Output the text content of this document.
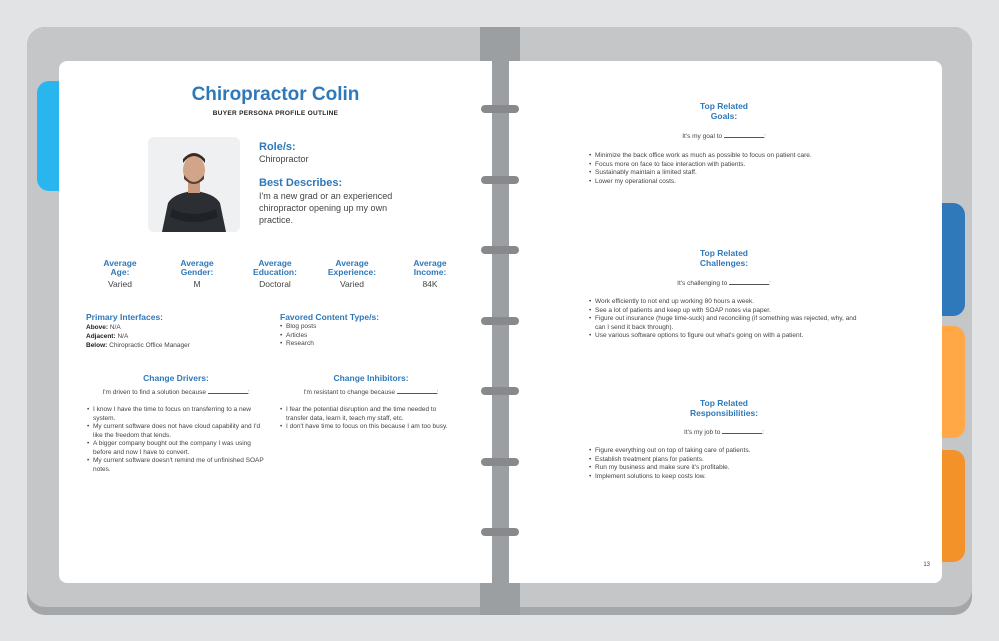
Chiropractor Colin
BUYER PERSONA PROFILE OUTLINE
Role/s:
Chiropractor
Best Describes:
I'm a new grad or an experienced chiropractor opening up my own practice.
Average
Age:
Varied
Average
Gender:
M
Average
Education:
Doctoral
Average
Experience:
Varied
Average
Income:
84K
Primary Interfaces:
Above: N/A
Adjacent: N/A
Below: Chiropractic Office Manager
Favored Content Type/s:
• Blog posts
• Articles
• Research
Change Drivers:
I'm driven to find a solution because	:
• I know I have the time to focus on transferring to a new system.
• My current software does not have cloud capability and I'd like the freedom that lends.
• A bigger company bought out the company I was using before and now I have to convert.
• My current software doesn't remind me of unfinished SOAP notes.
Change Inhibitors:
I'm resistant to change because	:
• I fear the potential disruption and the time needed to transfer data, learn it, teach my staff, etc.
• I don't have time to focus on this because I am too busy.
Top Related
Goals:
It's my goal to	:
• Minimize the back office work as much as possible to focus on patient care.
• Focus more on face to face interaction with patients.
• Sustainably maintain a limited staff.
• Lower my operational costs.
Top Related
Challenges:
It's challenging to	:
• Work efficiently to not end up working 80 hours a week.
• See a lot of patients and keep up with SOAP notes via paper.
• Figure out insurance (huge time-suck) and reconciling (if something was rejected, why, and can I send it back through).
• Use various software options to figure out what's going on with a patient.
Top Related
Responsibilities:
It's my job to	:
• Figure everything out on top of taking care of patients.
• Establish treatment plans for patients.
• Run my business and make sure it's profitable.
• Implement solutions to keep costs low.
13
